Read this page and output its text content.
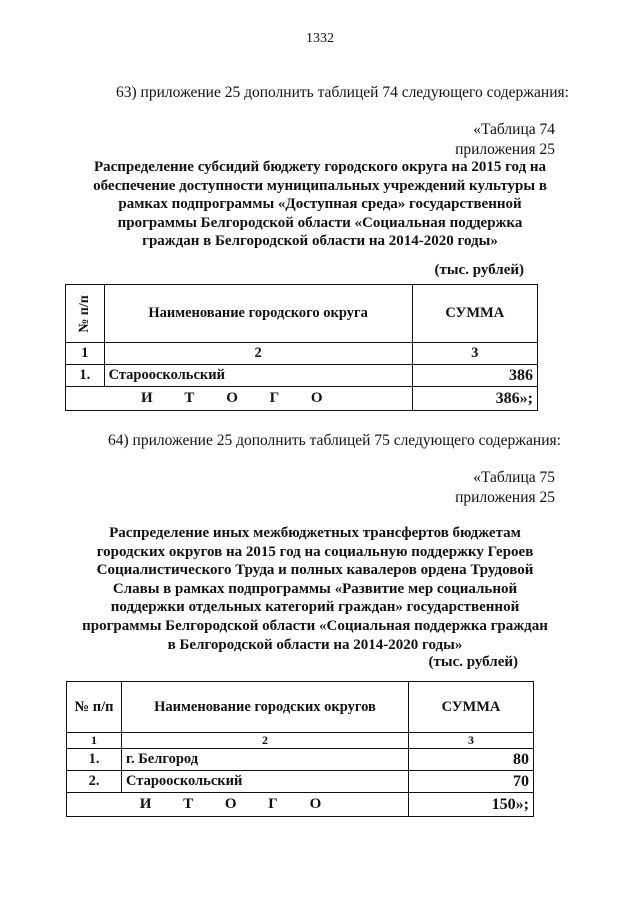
1332
63) приложение 25 дополнить таблицей 74 следующего содержания:
«Таблица 74
приложения 25
Распределение субсидий бюджету городского округа на 2015 год на
обеспечение доступности муниципальных учреждений культуры в
рамках подпрограммы «Доступная среда» государственной
программы Белгородской области «Социальная поддержка
граждан в Белгородской области на 2014-2020 годы»
(тыс. рублей)
№ п/п	Наименование городского округа	СУММА
1	2	3
1.	Старооскольский	386
И Т О Г О		386»;
64) приложение 25 дополнить таблицей 75 следующего содержания:
«Таблица 75
приложения 25
Распределение иных межбюджетных трансфертов бюджетам
городских округов на 2015 год на социальную поддержку Героев
Социалистического Труда и полных кавалеров ордена Трудовой
Славы в рамках подпрограммы «Развитие мер социальной
поддержки отдельных категорий граждан» государственной
программы Белгородской области «Социальная поддержка граждан
в Белгородской области на 2014-2020 годы»
(тыс. рублей)
№ п/п	Наименование городских округов	СУММА
1	2	3
1.	г. Белгород	80
2.	Старооскольский	70
И Т О Г О		150»;
